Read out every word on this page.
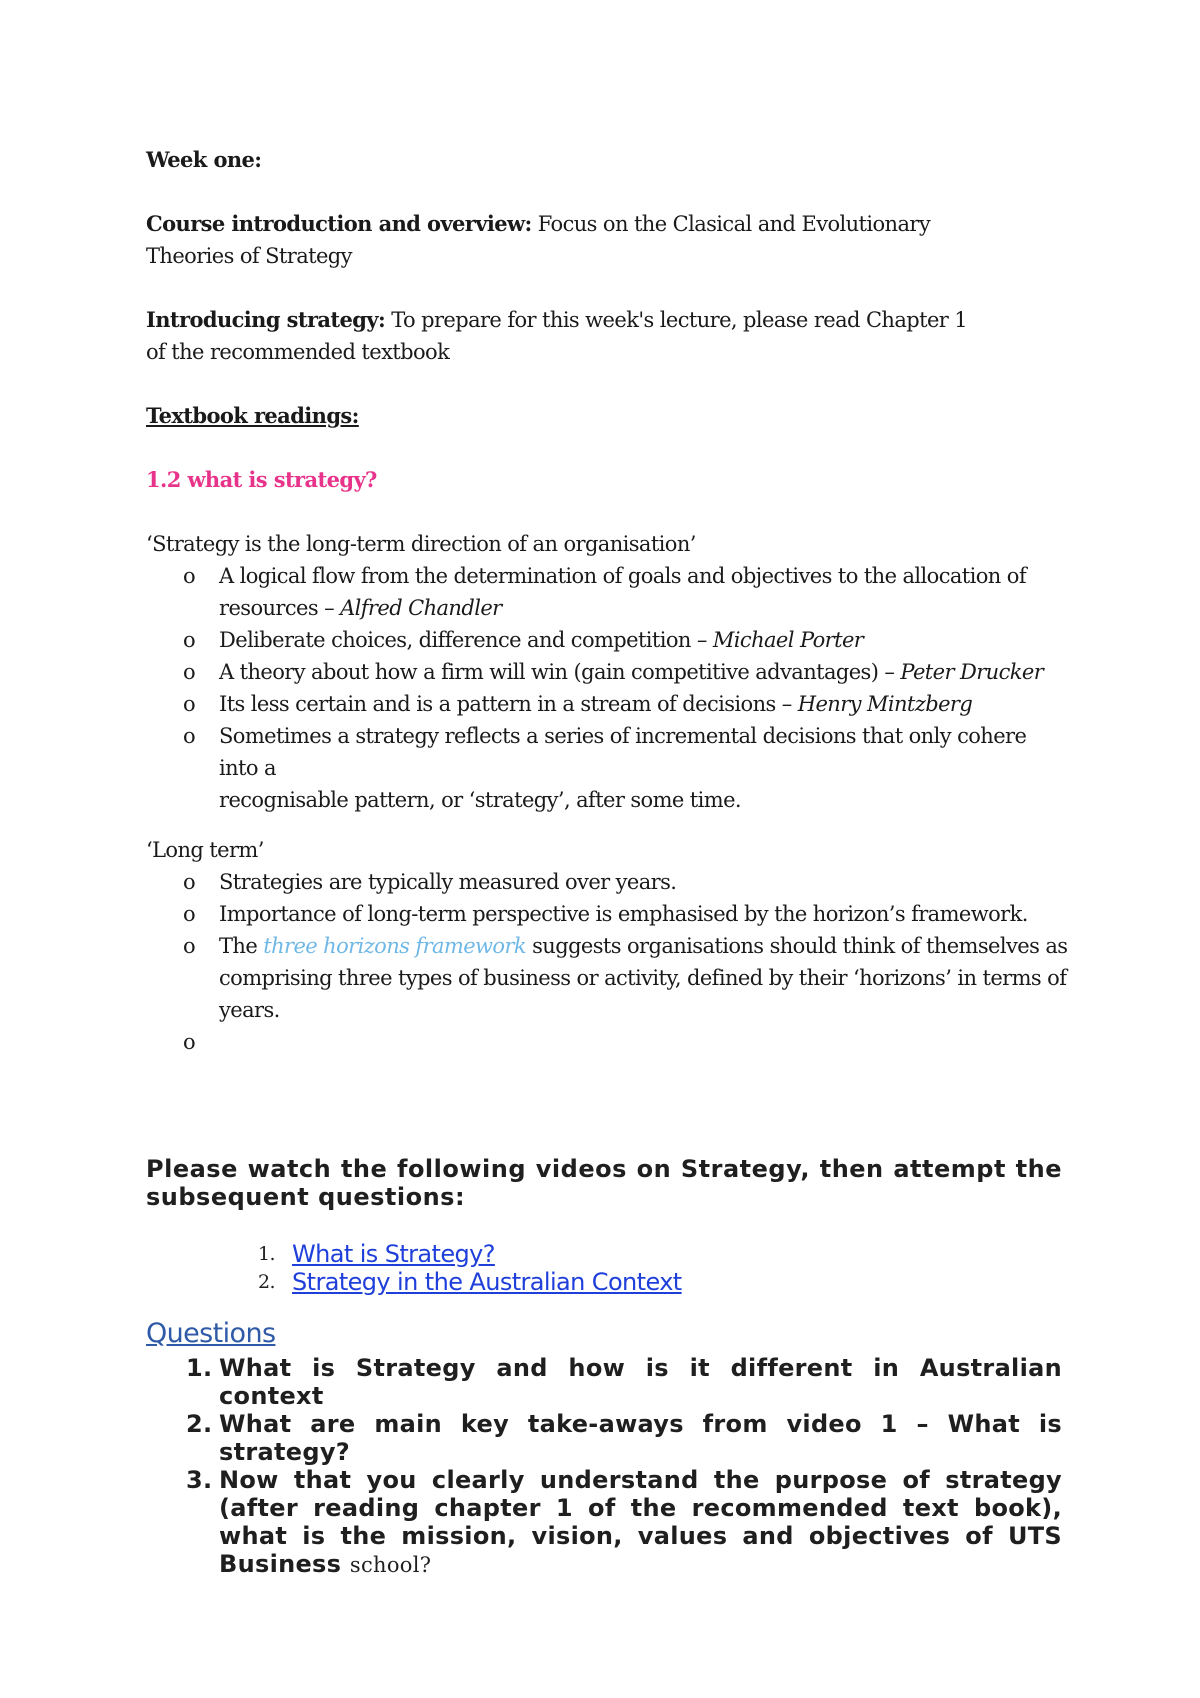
Week one:
Course introduction and overview: Focus on the Clasical and Evolutionary
Theories of Strategy
Introducing strategy: To prepare for this week's lecture, please read Chapter 1
of the recommended textbook
Textbook readings:
1.2 what is strategy?
‘Strategy is the long-term direction of an organisation’
o A logical flow from the determination of goals and objectives to the allocation of
resources – Alfred Chandler
o Deliberate choices, difference and competition – Michael Porter
o A theory about how a firm will win (gain competitive advantages) – Peter Drucker
o Its less certain and is a pattern in a stream of decisions – Henry Mintzberg
o Sometimes a strategy reflects a series of incremental decisions that only cohere into a
recognisable pattern, or ‘strategy’, after some time.
‘Long term’
o Strategies are typically measured over years.
o Importance of long-term perspective is emphasised by the horizon’s framework.
o The three horizons framework suggests organisations should think of themselves as
comprising three types of business or activity, defined by their ‘horizons’ in terms of
years.
o

Please watch the following videos on Strategy, then attempt the subsequent questions:
1. What is Strategy?
2. Strategy in the Australian Context
Questions
1. What is Strategy and how is it different in Australian context
2. What are main key take-aways from video 1 – What is strategy?
3. Now that you clearly understand the purpose of strategy (after reading chapter 1 of the recommended text book), what is the mission, vision, values and objectives of UTS Business school?
